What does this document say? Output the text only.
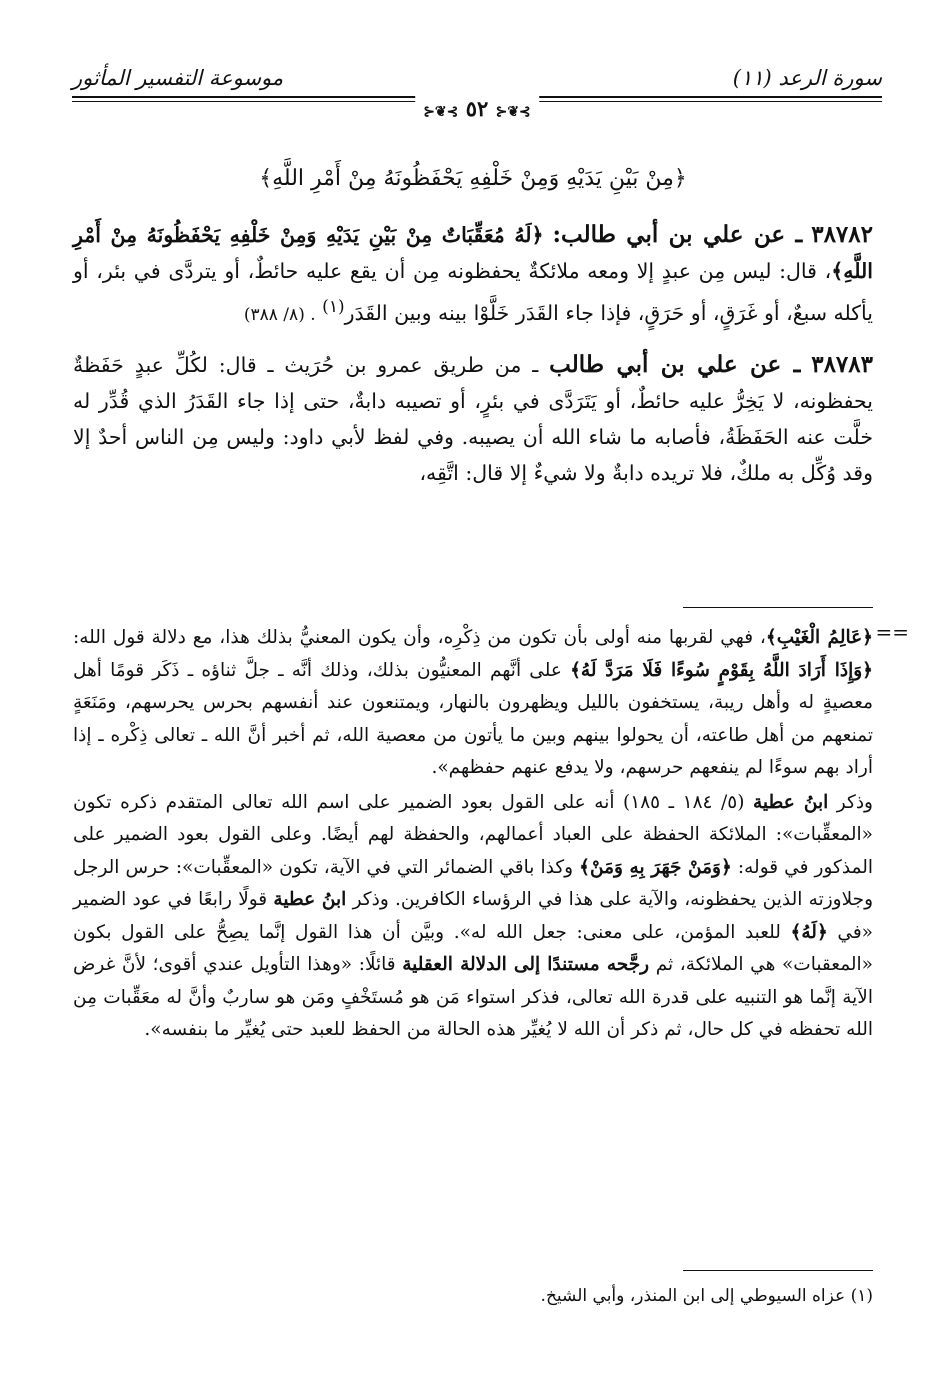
سورة الرعد (١١)
موسوعة التفسير المأثور
⊱❦⊰ ٥٢ ⊱❦⊰
﴿مِنْ بَيْنِ يَدَيْهِ وَمِنْ خَلْفِهِ يَحْفَظُونَهُ مِنْ أَمْرِ اللَّهِ﴾

٣٨٧٨٢ ـ عن علي بن أبي طالب: ﴿لَهُ مُعَقِّبَاتٌ مِنْ بَيْنِ يَدَيْهِ وَمِنْ خَلْفِهِ يَحْفَظُونَهُ مِنْ أَمْرِ اللَّهِ﴾، قال: ليس مِن عبدٍ إلا ومعه ملائكةٌ يحفظونه مِن أن يقع عليه حائطٌ، أو يتردَّى في بئر، أو يأكله سبعٌ، أو غَرَقٍ، أو حَرَقٍ، فإذا جاء القَدَر خَلَّوْا بينه وبين القَدَر$^{(١)}$ . (٨/ ٣٨٨)

٣٨٧٨٣ ـ عن علي بن أبي طالب ـ من طريق عمرو بن حُرَيث ـ قال: لكُلِّ عبدٍ حَفَظةٌ يحفظونه، لا يَخِرُّ عليه حائطٌ، أو يَتَرَدَّى في بئرٍ، أو تصيبه دابةٌ، حتى إذا جاء القَدَرُ الذي قُدِّر له خلَّت عنه الحَفَظَةُ، فأصابه ما شاء الله أن يصيبه. وفي لفظ لأبي داود: وليس مِن الناس أحدٌ إلا وقد وُكِّل به ملكٌ، فلا تريده دابةٌ ولا شيءٌ إلا قال: اتَّقِه،

==

﴿عَالِمُ الْغَيْبِ﴾، فهي لقربها منه أولى بأن تكون من ذِكْرِه، وأن يكون المعنيُّ بذلك هذا، مع دلالة قول الله: ﴿وَإِذَا أَرَادَ اللَّهُ بِقَوْمٍ سُوءًا فَلَا مَرَدَّ لَهُ﴾ على أنَّهم المعنيُّون بذلك، وذلك أنَّه ـ جلَّ ثناؤه ـ ذَكَر قومًا أهل معصيةٍ له وأهل ريبة، يستخفون بالليل ويظهرون بالنهار، ويمتنعون عند أنفسهم بحرس يحرسهم، ومَنَعَةٍ تمنعهم من أهل طاعته، أن يحولوا بينهم وبين ما يأتون من معصية الله، ثم أخبر أنَّ الله ـ تعالى ذِكْره ـ إذا أراد بهم سوءًا لم ينفعهم حرسهم، ولا يدفع عنهم حفظهم».

وذكر ابنُ عطية (٥/ ١٨٤ ـ ١٨٥) أنه على القول بعود الضمير على اسم الله تعالى المتقدم ذكره تكون «المعقِّبات»: الملائكة الحفظة على العباد أعمالهم، والحفظة لهم أيضًا. وعلى القول بعود الضمير على المذكور في قوله: ﴿وَمَنْ جَهَرَ بِهِ وَمَنْ﴾ وكذا باقي الضمائر التي في الآية، تكون «المعقِّبات»: حرس الرجل وجلاوزته الذين يحفظونه، والآية على هذا في الرؤساء الكافرين. وذكر ابنُ عطية قولًا رابعًا في عود الضمير «في ﴿لَهُ﴾ للعبد المؤمن، على معنى: جعل الله له». وبيَّن أن هذا القول إنَّما يصِحُّ على القول بكون «المعقبات» هي الملائكة، ثم رجَّحه مستندًا إلى الدلالة العقلية قائلًا: «وهذا التأويل عندي أقوى؛ لأنَّ غرض الآية إنَّما هو التنبيه على قدرة الله تعالى، فذكر استواء مَن هو مُستَخْفٍ ومَن هو ساربٌ وأنَّ له معَقِّبات مِن الله تحفظه في كل حال، ثم ذكر أن الله لا يُغيِّر هذه الحالة من الحفظ للعبد حتى يُغيِّر ما بنفسه».

(١) عزاه السيوطي إلى ابن المنذر، وأبي الشيخ.
